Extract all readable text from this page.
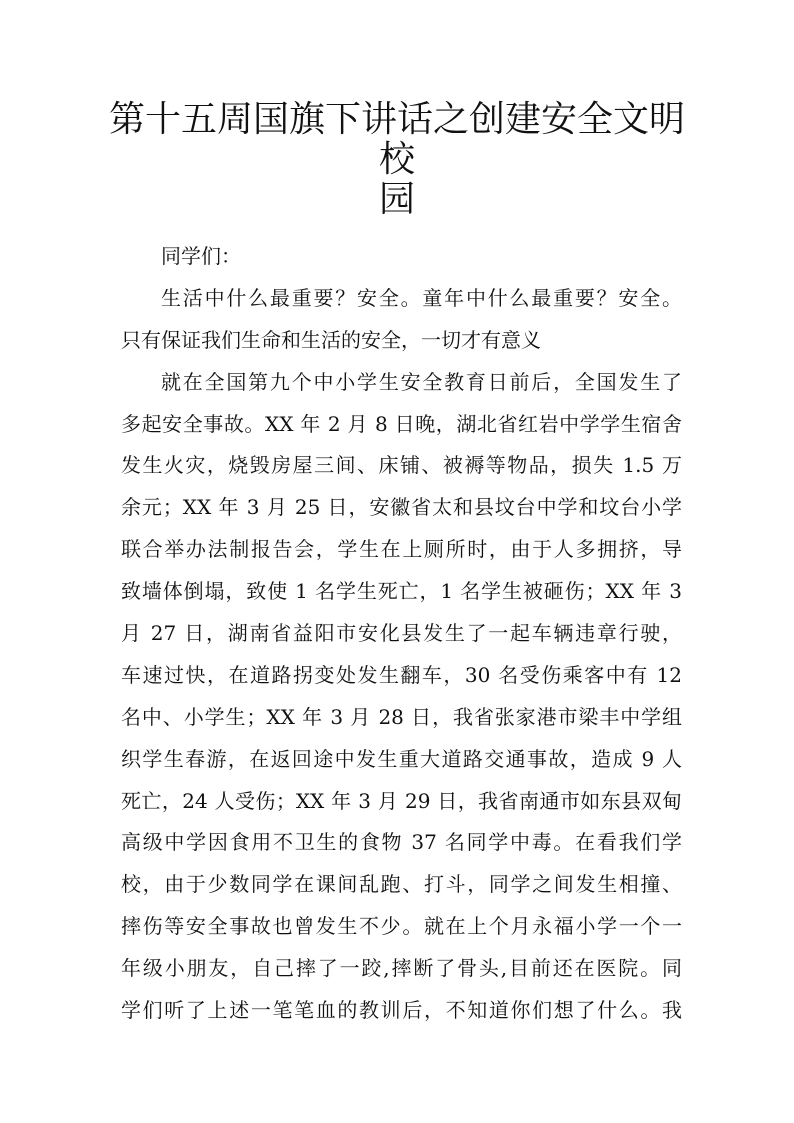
第十五周国旗下讲话之创建安全文明校
园
同学们：
生活中什么最重要？安全。童年中什么最重要？安全。
只有保证我们生命和生活的安全，一切才有意义
就在全国第九个中小学生安全教育日前后，全国发生了
多起安全事故。XX 年 2 月 8 日晚，湖北省红岩中学学生宿舍
发生火灾，烧毁房屋三间、床铺、被褥等物品，损失 1.5 万
余元；XX 年 3 月 25 日，安徽省太和县坟台中学和坟台小学
联合举办法制报告会，学生在上厕所时，由于人多拥挤，导
致墙体倒塌，致使 1 名学生死亡，1 名学生被砸伤；XX 年 3
月 27 日，湖南省益阳市安化县发生了一起车辆违章行驶，
车速过快，在道路拐变处发生翻车，30 名受伤乘客中有 12
名中、小学生；XX 年 3 月 28 日，我省张家港市梁丰中学组
织学生春游，在返回途中发生重大道路交通事故，造成 9 人
死亡，24 人受伤；XX 年 3 月 29 日，我省南通市如东县双甸
高级中学因食用不卫生的食物 37 名同学中毒。在看我们学
校，由于少数同学在课间乱跑、打斗，同学之间发生相撞、
摔伤等安全事故也曾发生不少。就在上个月永福小学一个一
年级小朋友，自己摔了一跤,摔断了骨头,目前还在医院。同
学们听了上述一笔笔血的教训后，不知道你们想了什么。我
